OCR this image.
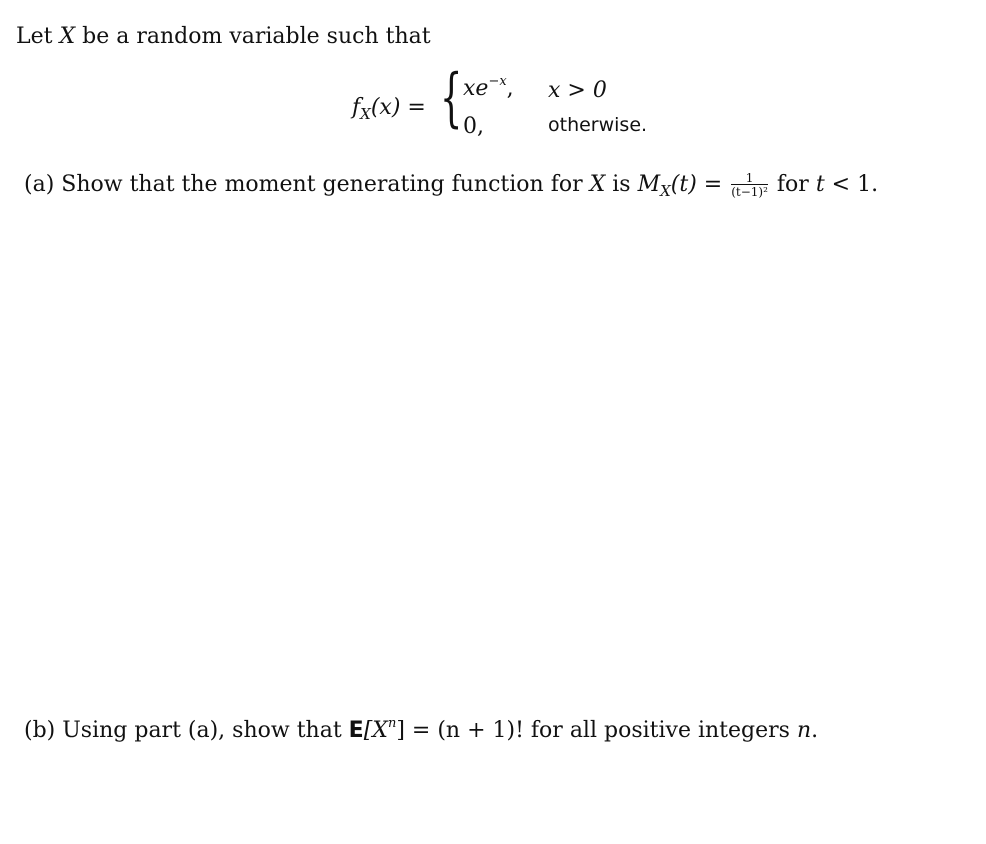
Let X be a random variable such that
$f_X(x)$ = { $xe^{-x}$, x > 0
0,	otherwise.
(a) Show that the moment generating function for X is $M_X(t) = \frac{1}{\text{(t−1)²}}$ for t < 1.
(b) Using part (a), show that $E[X^n] = (n + 1)$! for all positive integers n.
